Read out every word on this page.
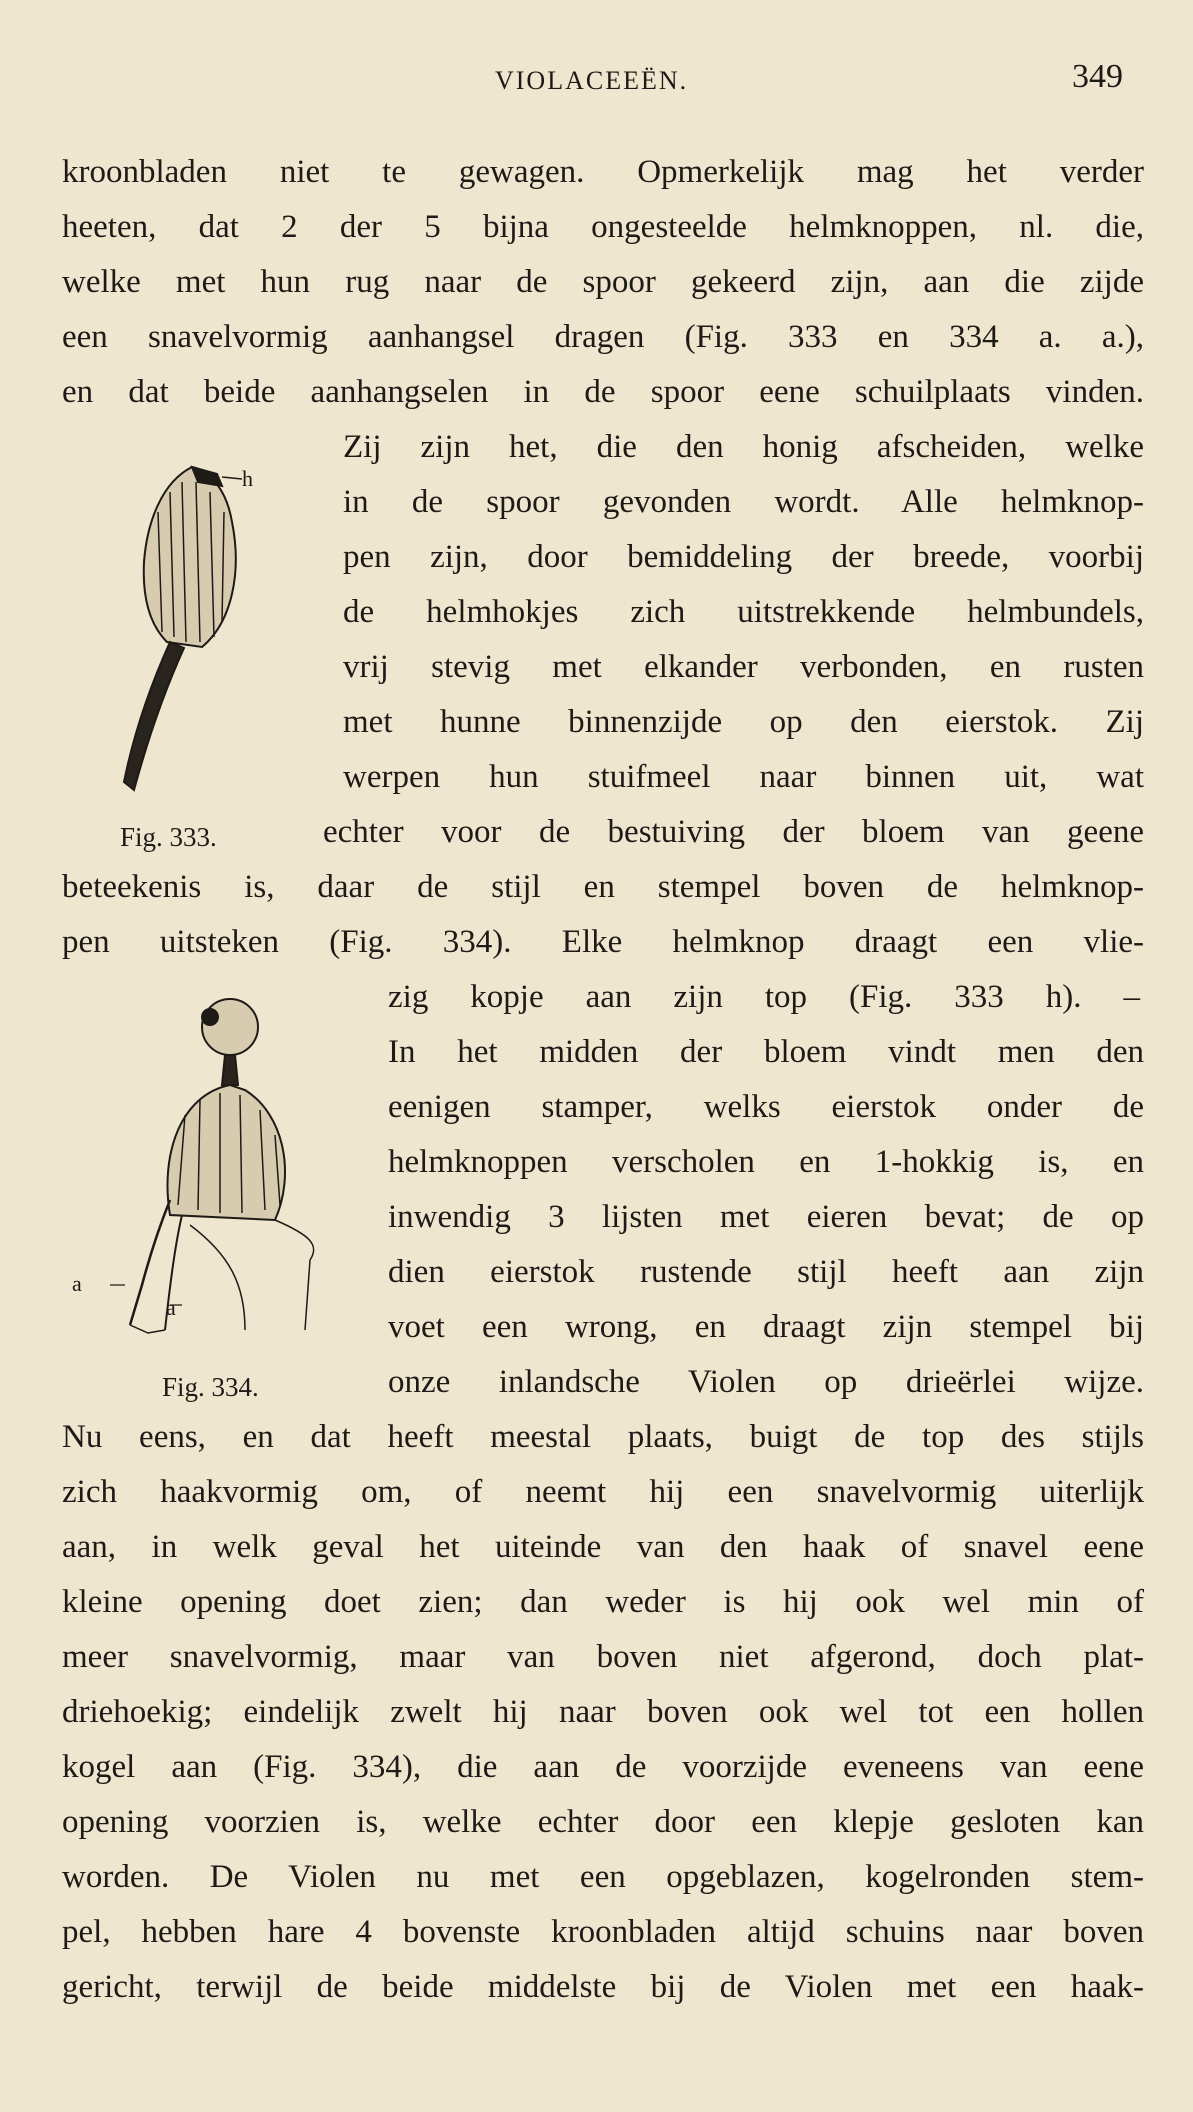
VIOLACEEËN.	349
h
Fig. 333.
a
a
Fig. 334.
kroonbladen niet te gewagen. Opmerkelijk mag het verder
heeten, dat 2 der 5 bijna ongesteelde helmknoppen, nl. die,
welke met hun rug naar de spoor gekeerd zijn, aan die zijde
een snavelvormig aanhangsel dragen (Fig. 333 en 334 a. a.),
en dat beide aanhangselen in de spoor eene schuilplaats vinden.
Zij zijn het, die den honig afscheiden, welke
in de spoor gevonden wordt. Alle helmknop-
pen zijn, door bemiddeling der breede, voorbij
de helmhokjes zich uitstrekkende helmbundels,
vrij stevig met elkander verbonden, en rusten
met hunne binnenzijde op den eierstok. Zij
werpen hun stuifmeel naar binnen uit, wat
echter voor de bestuiving der bloem van geene
beteekenis is, daar de stijl en stempel boven de helmknop-
pen uitsteken (Fig. 334). Elke helmknop draagt een vlie-
zig kopje aan zijn top (Fig. 333 h). –
In het midden der bloem vindt men den
eenigen stamper, welks eierstok onder de
helmknoppen verscholen en 1-hokkig is, en
inwendig 3 lijsten met eieren bevat; de op
dien eierstok rustende stijl heeft aan zijn
voet een wrong, en draagt zijn stempel bij
onze inlandsche Violen op drieërlei wijze.
Nu eens, en dat heeft meestal plaats, buigt de top des stijls
zich haakvormig om, of neemt hij een snavelvormig uiterlijk
aan, in welk geval het uiteinde van den haak of snavel eene
kleine opening doet zien; dan weder is hij ook wel min of
meer snavelvormig, maar van boven niet afgerond, doch plat-
driehoekig; eindelijk zwelt hij naar boven ook wel tot een hollen
kogel aan (Fig. 334), die aan de voorzijde eveneens van eene
opening voorzien is, welke echter door een klepje gesloten kan
worden. De Violen nu met een opgeblazen, kogelronden stem-
pel, hebben hare 4 bovenste kroonbladen altijd schuins naar boven
gericht, terwijl de beide middelste bij de Violen met een haak-
